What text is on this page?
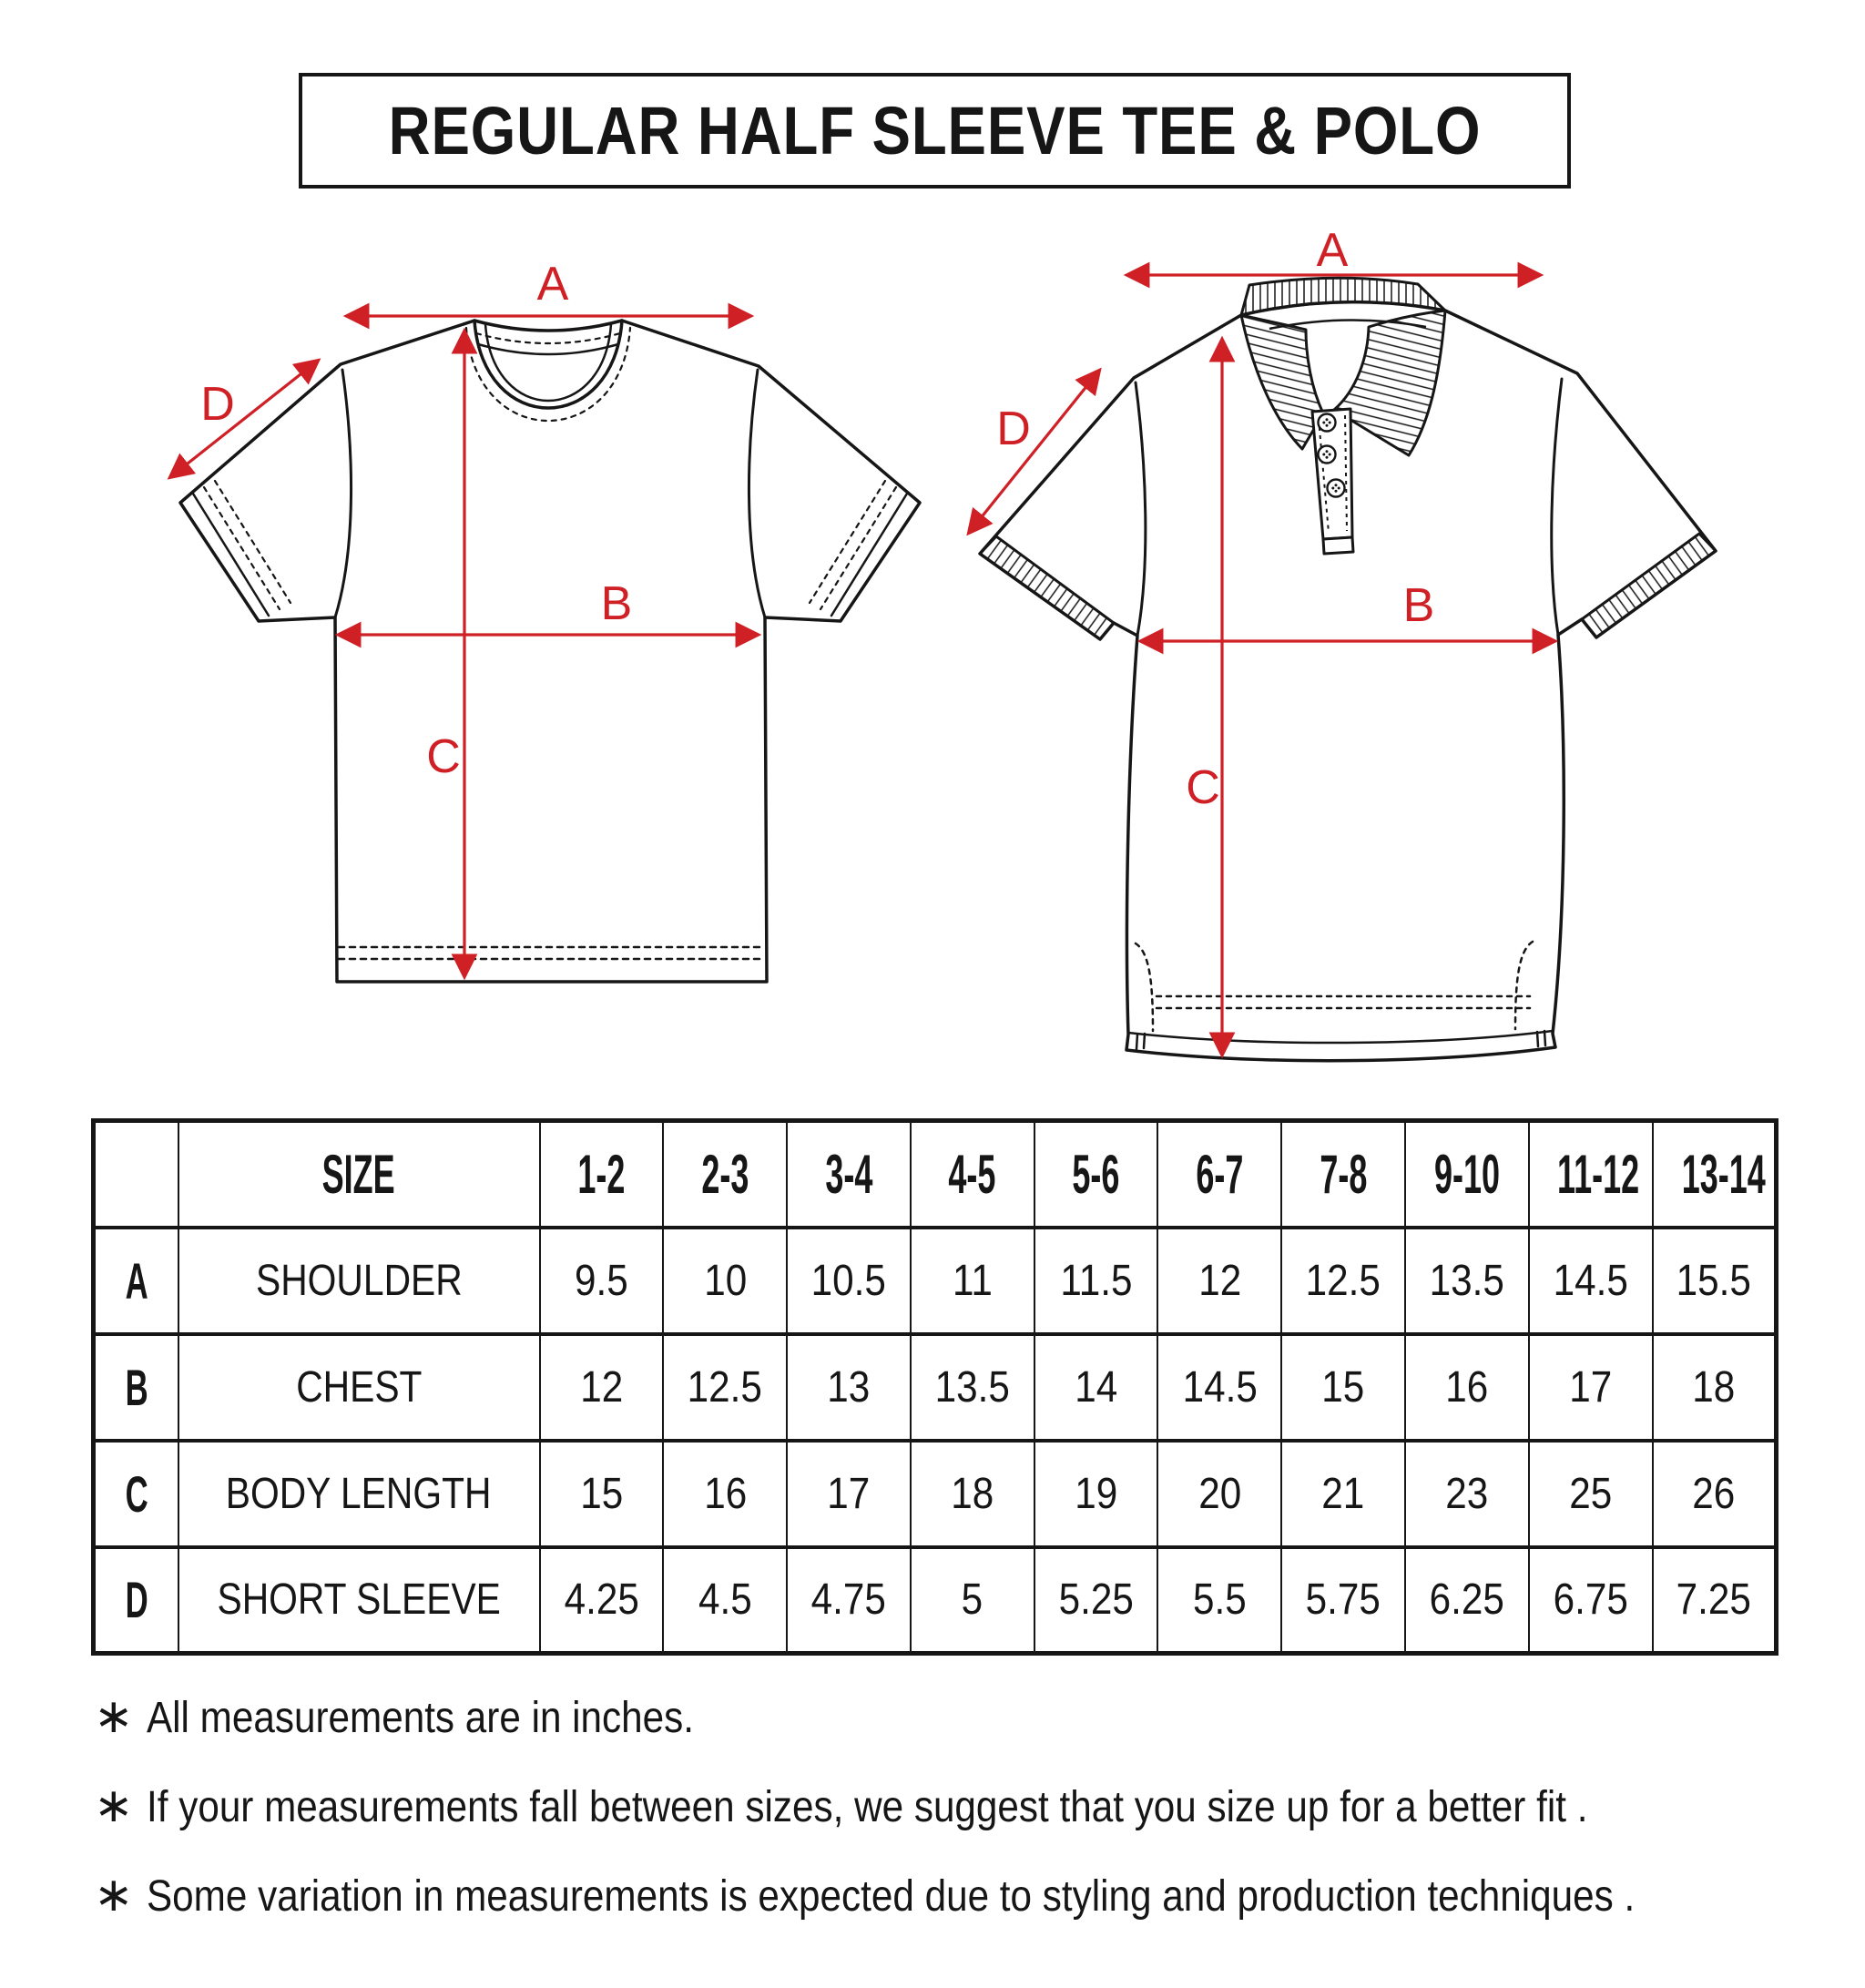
REGULAR HALF SLEEVE TEE & POLO
A
D
B
C
A
D
B
C
	SIZE	1-2	2-3	3-4	4-5	5-6	6-7	7-8	9-10	11-12	13-14
A	SHOULDER	9.5	10	10.5	11	11.5	12	12.5	13.5	14.5	15.5
B	CHEST	12	12.5	13	13.5	14	14.5	15	16	17	18
C	BODY LENGTH	15	16	17	18	19	20	21	23	25	26
D	SHORT SLEEVE	4.25	4.5	4.75	5	5.25	5.5	5.75	6.25	6.75	7.25
∗ All measurements are in inches.
∗ If your measurements fall between sizes, we suggest that you size up for a better fit .
∗ Some variation in measurements is expected due to styling and production techniques .
